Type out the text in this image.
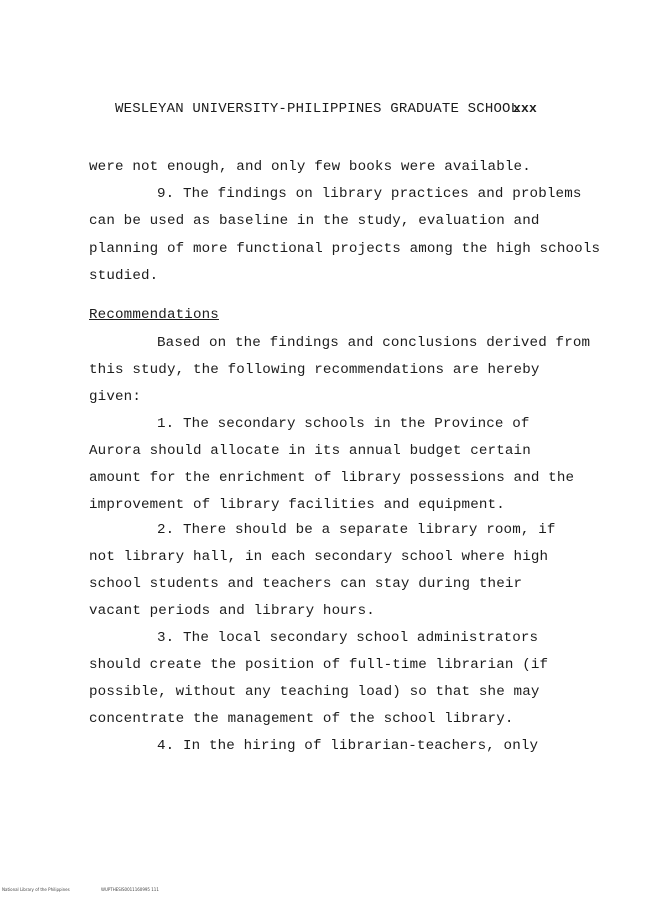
WESLEYAN UNIVERSITY-PHILIPPINES GRADUATE SCHOOL
xxx
were not enough, and only few books were available.
9. The findings on library practices and problems
can be used as baseline in the study, evaluation and
planning of more functional projects among the high schools
studied.
Recommendations
Based on the findings and conclusions derived from
this study, the following recommendations are hereby
given:
1. The secondary schools in the Province of
Aurora should allocate in its annual budget certain
amount for the enrichment of library possessions and the
improvement of library facilities and equipment.
2. There should be a separate library room, if
not library hall, in each secondary school where high
school students and teachers can stay during their
vacant periods and library hours.
3. The local secondary school administrators
should create the position of full-time librarian (if
possible, without any teaching load) so that she may
concentrate the management of the school library.
4. In the hiring of librarian-teachers, only
National Library of the Philippines	WUPTHESIS0011160995 111
